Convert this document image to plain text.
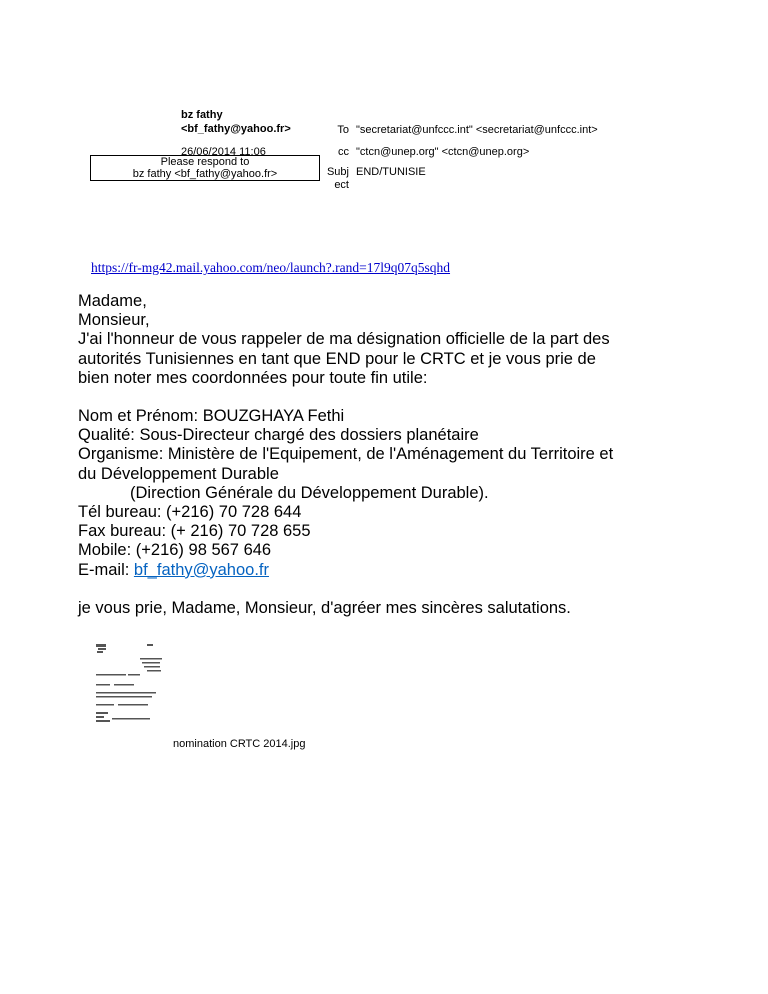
bz fathy
<bf_fathy@yahoo.fr>
26/06/2014 11:06
Please respond to
bz fathy <bf_fathy@yahoo.fr>
To "secretariat@unfccc.int" <secretariat@unfccc.int>
cc "ctcn@unep.org" <ctcn@unep.org>
Subj
ect
END/TUNISIE
https://fr-mg42.mail.yahoo.com/neo/launch?.rand=17l9q07q5sqhd

Madame,

Monsieur,

J'ai l'honneur de vous rappeler de ma désignation officielle de la part des

autorités Tunisiennes en tant que END pour le CRTC et je vous prie de

bien noter mes coordonnées pour toute fin utile:

Nom et Prénom: BOUZGHAYA Fethi

Qualité: Sous-Directeur chargé des dossiers planétaire

Organisme: Ministère de l'Equipement, de l'Aménagement du Territoire et

du Développement Durable

(Direction Générale du Développement Durable).

Tél bureau: (+216) 70 728 644

Fax bureau: (+ 216) 70 728 655

Mobile: (+216) 98 567 646

E-mail: bf_fathy@yahoo.fr

je vous prie, Madame, Monsieur, d'agréer mes sincères salutations.

nomination CRTC 2014.jpg
